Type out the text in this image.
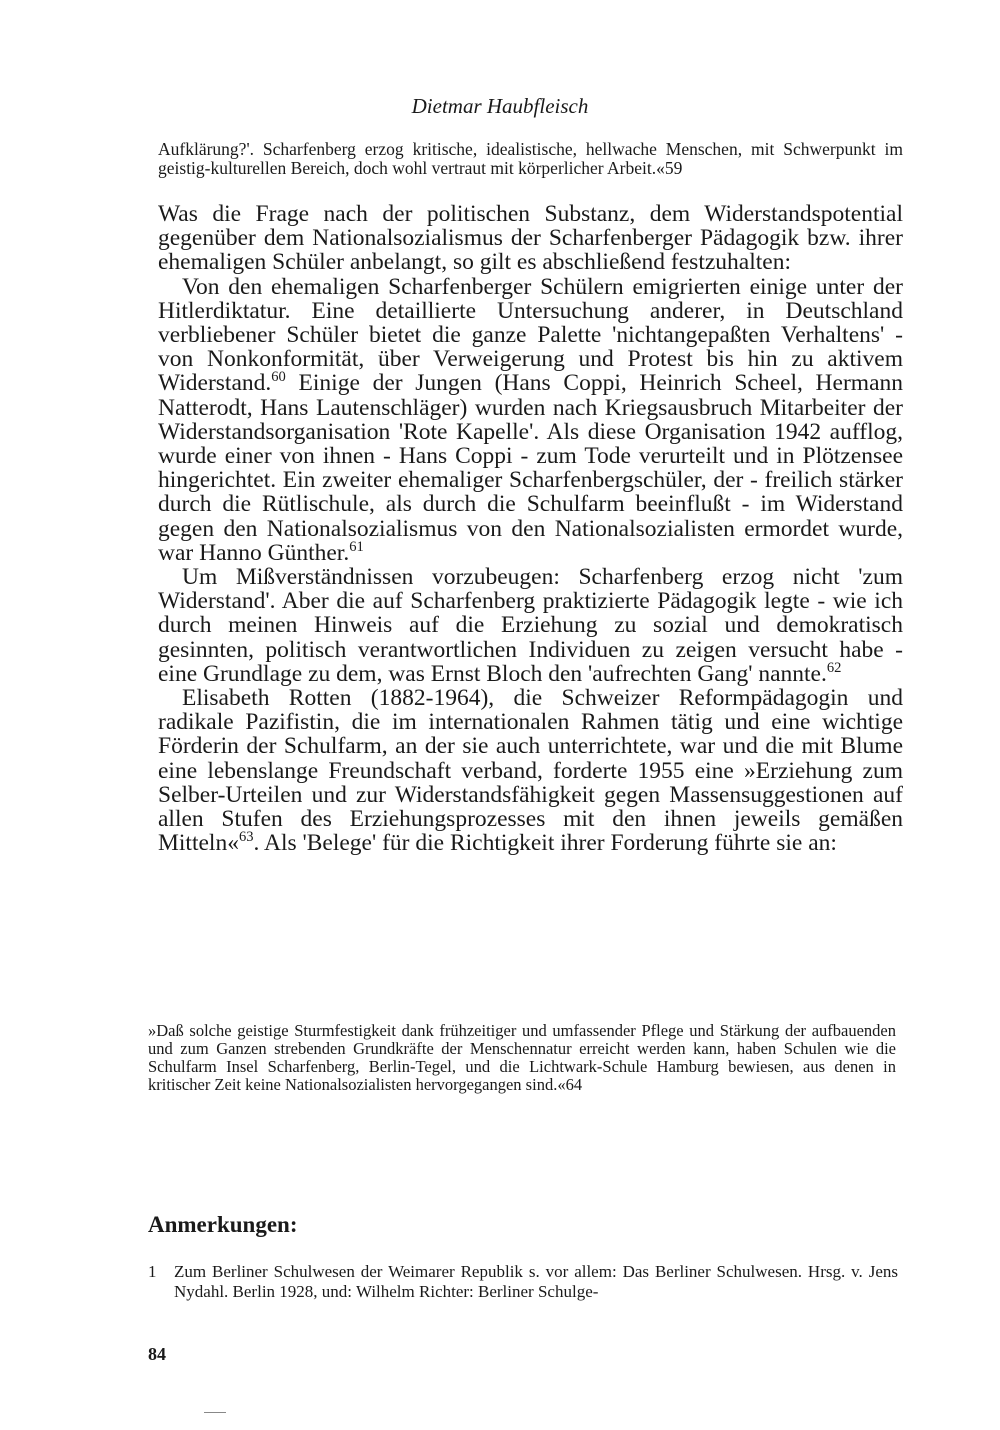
Dietmar Haubfleisch

Aufklärung?'. Scharfenberg erzog kritische, idealistische, hellwache Menschen, mit Schwerpunkt im geistig-kulturellen Bereich, doch wohl vertraut mit körperlicher Arbeit.«59

Was die Frage nach der politischen Substanz, dem Widerstandspotential gegenüber dem Nationalsozialismus der Scharfenberger Pädagogik bzw. ihrer ehemaligen Schüler anbelangt, so gilt es abschließend festzuhalten:

Von den ehemaligen Scharfenberger Schülern emigrierten einige unter der Hitlerdiktatur. Eine detaillierte Untersuchung anderer, in Deutschland verbliebener Schüler bietet die ganze Palette 'nichtangepaßten Verhaltens' - von Nonkonformität, über Verweigerung und Protest bis hin zu aktivem Widerstand.$^{60}$ Einige der Jungen (Hans Coppi, Heinrich Scheel, Hermann Natterodt, Hans Lautenschläger) wurden nach Kriegsausbruch Mitarbeiter der Widerstandsorganisation 'Rote Kapelle'. Als diese Organisation 1942 aufflog, wurde einer von ihnen - Hans Coppi - zum Tode verurteilt und in Plötzensee hingerichtet. Ein zweiter ehemaliger Scharfenbergschüler, der - freilich stärker durch die Rütlischule, als durch die Schulfarm beeinflußt - im Widerstand gegen den Nationalsozialismus von den Nationalsozialisten ermordet wurde, war Hanno Günther.$^{61}$

Um Mißverständnissen vorzubeugen: Scharfenberg erzog nicht 'zum Widerstand'. Aber die auf Scharfenberg praktizierte Pädagogik legte - wie ich durch meinen Hinweis auf die Erziehung zu sozial und demokratisch gesinnten, politisch verantwortlichen Individuen zu zeigen versucht habe - eine Grundlage zu dem, was Ernst Bloch den 'aufrechten Gang' nannte.$^{62}$

Elisabeth Rotten (1882-1964), die Schweizer Reformpädagogin und radikale Pazifistin, die im internationalen Rahmen tätig und eine wichtige Förderin der Schulfarm, an der sie auch unterrichtete, war und die mit Blume eine lebenslange Freundschaft verband, forderte 1955 eine »Erziehung zum Selber-Urteilen und zur Widerstandsfähigkeit gegen Massensuggestionen auf allen Stufen des Erziehungsprozesses mit den ihnen jeweils gemäßen Mitteln«$^{63}$. Als 'Belege' für die Richtigkeit ihrer Forderung führte sie an:

»Daß solche geistige Sturmfestigkeit dank frühzeitiger und umfassender Pflege und Stärkung der aufbauenden und zum Ganzen strebenden Grundkräfte der Menschennatur erreicht werden kann, haben Schulen wie die Schulfarm Insel Scharfenberg, Berlin-Tegel, und die Lichtwark-Schule Hamburg bewiesen, aus denen in kritischer Zeit keine Nationalsozialisten hervorgegangen sind.«64

Anmerkungen:
1	Zum Berliner Schulwesen der Weimarer Republik s. vor allem: Das Berliner Schulwesen. Hrsg. v. Jens Nydahl. Berlin 1928, und: Wilhelm Richter: Berliner Schulge-
84
